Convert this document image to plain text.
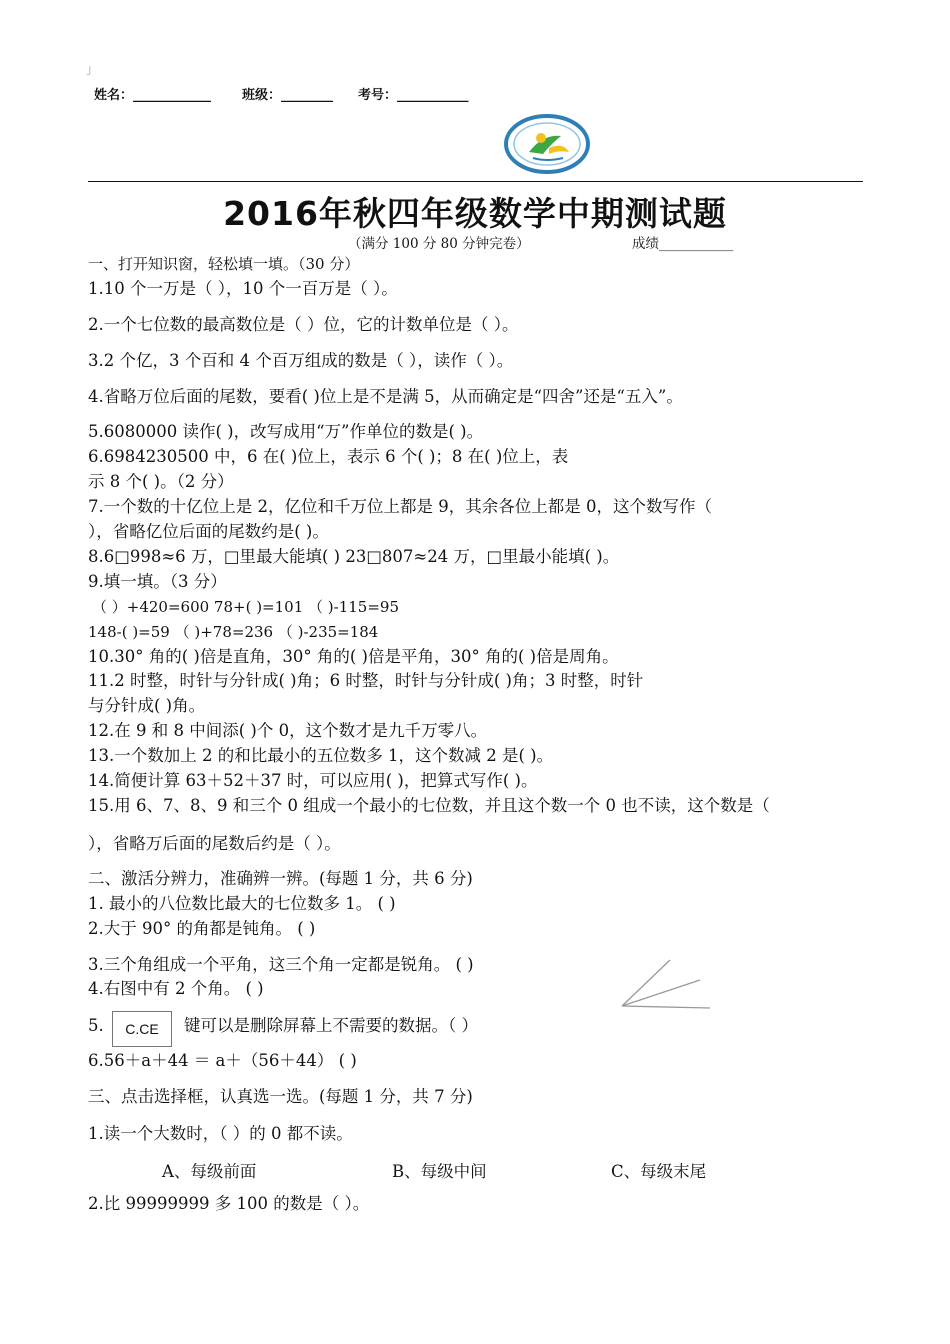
」
姓名：____________ 班级：________ 考号：___________
2016年秋四年级数学中期测试题
（满分 100 分 80 分钟完卷）	成绩___________
一、打开知识窗，轻松填一填。（30 分）
1.10 个一万是（ ），10 个一百万是（ ）。
2.一个七位数的最高数位是（ ）位，它的计数单位是（ ）。
3.2 个亿，3 个百和 4 个百万组成的数是（ ），读作（ ）。
4.省略万位后面的尾数，要看( )位上是不是满 5，从而确定是“四舍”还是“五入”。
5.6080000 读作( )，改写成用“万”作单位的数是( )。
6.6984230500 中，6 在( )位上，表示 6 个( )；8 在( )位上，表
示 8 个( )。（2 分）
7.一个数的十亿位上是 2，亿位和千万位上都是 9，其余各位上都是 0，这个数写作（
），省略亿位后面的尾数约是( )。
8.6□998≈6 万，□里最大能填( ) 23□807≈24 万，□里最小能填( )。
9.填一填。（3 分）
（ ）+420=600 78+( )=101 （ )-115=95
148-( )=59 （ )+78=236 （ )-235=184
10.30° 角的( )倍是直角，30° 角的( )倍是平角，30° 角的( )倍是周角。
11.2 时整，时针与分针成( )角；6 时整，时针与分针成( )角；3 时整，时针
与分针成( )角。
12.在 9 和 8 中间添( )个 0，这个数才是九千万零八。
13.一个数加上 2 的和比最小的五位数多 1，这个数减 2 是( )。
14.简便计算 63＋52＋37 时，可以应用( )，把算式写作( )。
15.用 6、7、8、9 和三个 0 组成一个最小的七位数，并且这个数一个 0 也不读，这个数是（
），省略万后面的尾数后约是（ ）。
二、激活分辨力，准确辨一辨。(每题 1 分，共 6 分)
1. 最小的八位数比最大的七位数多 1。 ( )
2.大于 90° 的角都是钝角。 ( )
3.三个角组成一个平角，这三个角一定都是锐角。 ( )
4.右图中有 2 个角。 ( )
5.	C.CE	键可以是删除屏幕上不需要的数据。（ ）
6.56＋a＋44 ＝ a＋（56＋44） ( )
三、点击选择框，认真选一选。(每题 1 分，共 7 分)
1.读一个大数时，（ ）的 0 都不读。
A、每级前面	B、每级中间	C、每级末尾
2.比 99999999 多 100 的数是（ ）。
